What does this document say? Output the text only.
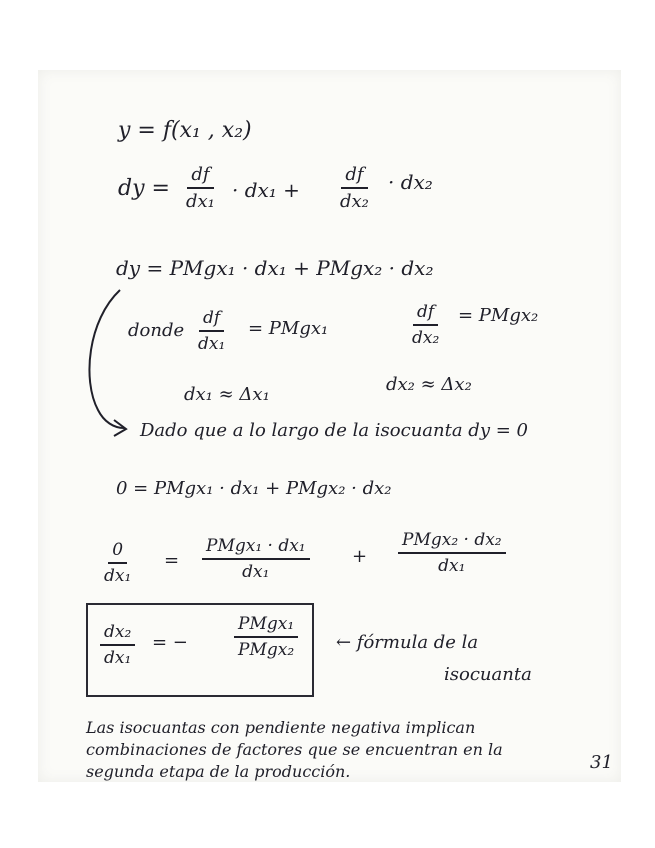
y = f(x₁ , x₂)
dy = $\frac{df}{\text{dx₁}} \cdot dx_1 + \frac{df}{\text{dx₂}} \cdot dx_2$
dy = PMgx₁ · dx₁ + PMgx₂ · dx₂
donde $\frac{df}{\text{dx₁}}$ = PMgx₁	$\frac{df}{\text{dx₂}}$ = PMgx₂
dx₁ ≈ Δx₁	dx₂ ≈ Δx₂
Dado que a lo largo de la isocuanta dy = 0
0 = PMgx₁ · dx₁ + PMgx₂ · dx₂
$\frac{0}{\text{dx₁}}$ =
PMgx₁ · dx₁
dx₁
+
PMgx₂ · dx₂
dx₁
$\frac{\text{dx₂}}{\text{dx₁}}$ = −
PMgx₁
PMgx₂ ← fórmula de la
isocuanta
Las isocuantas con pendiente negativa implican
combinaciones de factores que se encuentran en la
segunda etapa de la producción.	31
